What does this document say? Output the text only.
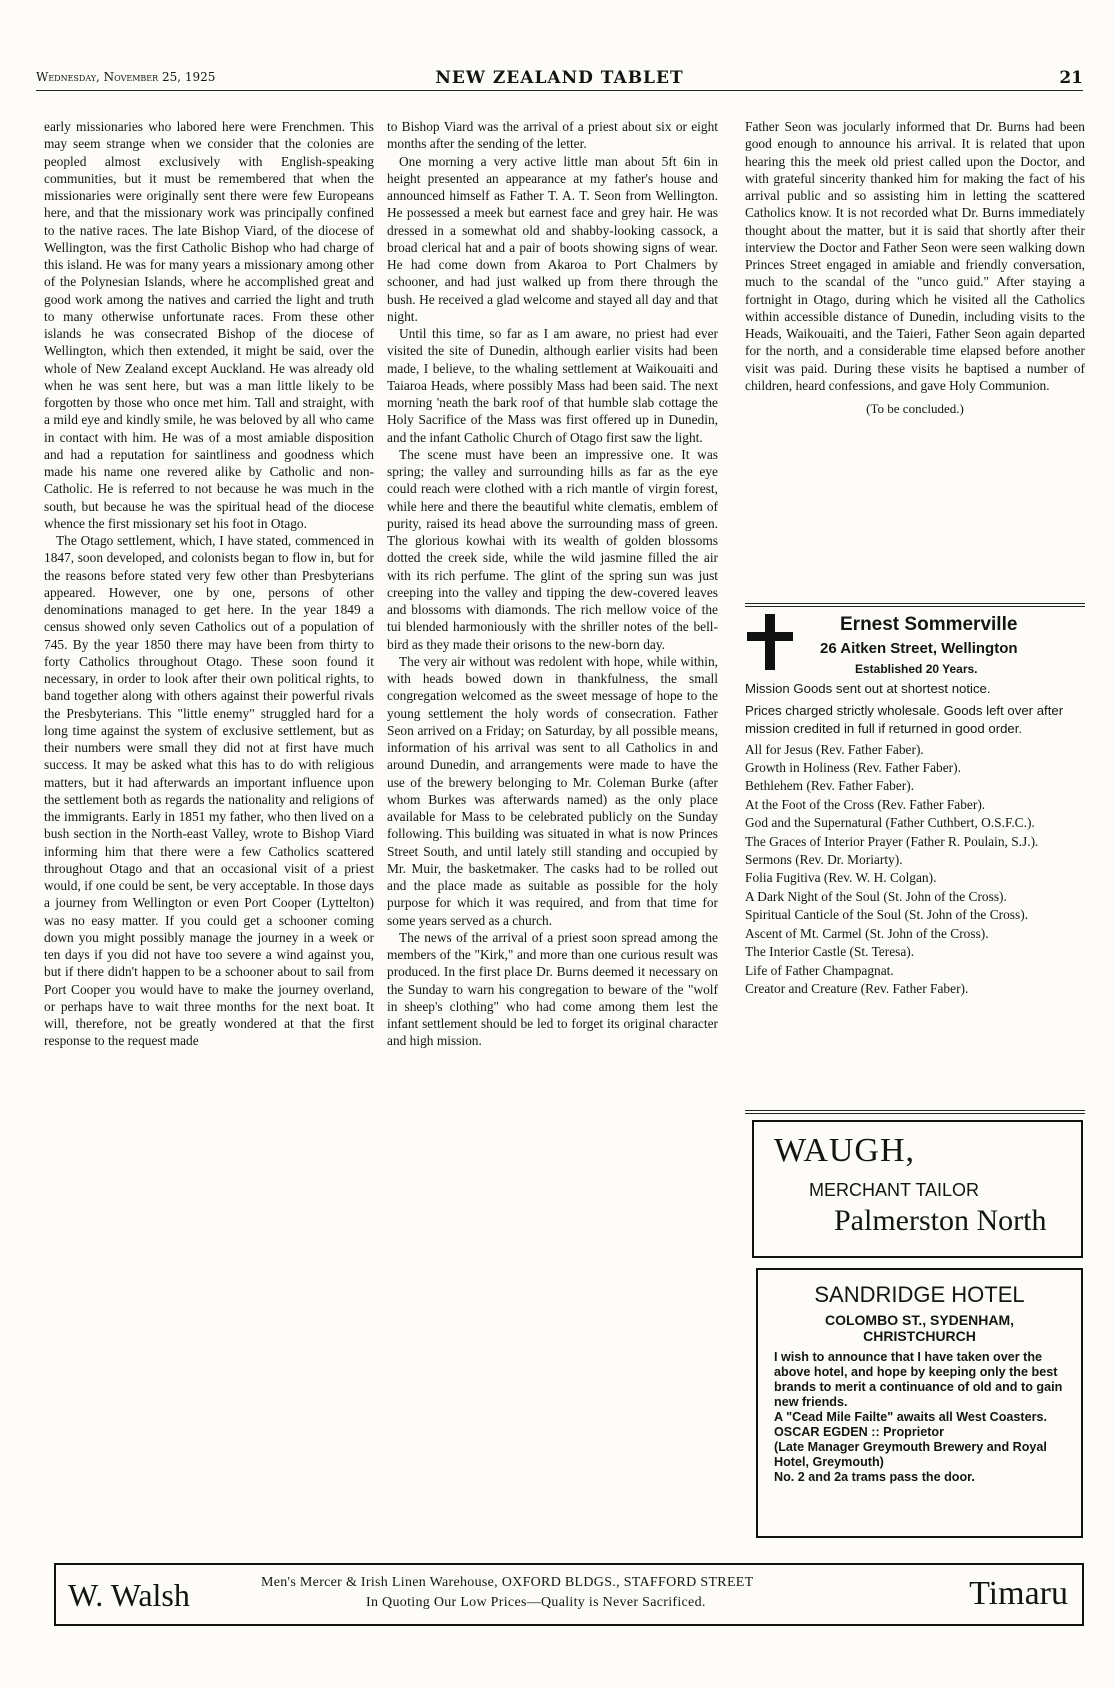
Wednesday, November 25, 1925	NEW ZEALAND TABLET	21

early missionaries who labored here were Frenchmen. This may seem strange when we consider that the colonies are peopled almost exclusively with English-speaking communities, but it must be remembered that when the missionaries were originally sent there were few Europeans here, and that the missionary work was principally confined to the native races. The late Bishop Viard, of the diocese of Wellington, was the first Catholic Bishop who had charge of this island. He was for many years a missionary among other of the Polynesian Islands, where he accomplished great and good work among the natives and carried the light and truth to many otherwise unfortunate races. From these other islands he was consecrated Bishop of the diocese of Wellington, which then extended, it might be said, over the whole of New Zealand except Auckland. He was already old when he was sent here, but was a man little likely to be forgotten by those who once met him. Tall and straight, with a mild eye and kindly smile, he was beloved by all who came in contact with him. He was of a most amiable disposition and had a reputation for saintliness and goodness which made his name one revered alike by Catholic and non-Catholic. He is referred to not because he was much in the south, but because he was the spiritual head of the diocese whence the first missionary set his foot in Otago.

The Otago settlement, which, I have stated, commenced in 1847, soon developed, and colonists began to flow in, but for the reasons before stated very few other than Presbyterians appeared. However, one by one, persons of other denominations managed to get here. In the year 1849 a census showed only seven Catholics out of a population of 745. By the year 1850 there may have been from thirty to forty Catholics throughout Otago. These soon found it necessary, in order to look after their own political rights, to band together along with others against their powerful rivals the Presbyterians. This "little enemy" struggled hard for a long time against the system of exclusive settlement, but as their numbers were small they did not at first have much success. It may be asked what this has to do with religious matters, but it had afterwards an important influence upon the settlement both as regards the nationality and religions of the immigrants. Early in 1851 my father, who then lived on a bush section in the North-east Valley, wrote to Bishop Viard informing him that there were a few Catholics scattered throughout Otago and that an occasional visit of a priest would, if one could be sent, be very acceptable. In those days a journey from Wellington or even Port Cooper (Lyttelton) was no easy matter. If you could get a schooner coming down you might possibly manage the journey in a week or ten days if you did not have too severe a wind against you, but if there didn't happen to be a schooner about to sail from Port Cooper you would have to make the journey overland, or perhaps have to wait three months for the next boat. It will, therefore, not be greatly wondered at that the first response to the request made

to Bishop Viard was the arrival of a priest about six or eight months after the sending of the letter.

One morning a very active little man about 5ft 6in in height presented an appearance at my father's house and announced himself as Father T. A. T. Seon from Wellington. He possessed a meek but earnest face and grey hair. He was dressed in a somewhat old and shabby-looking cassock, a broad clerical hat and a pair of boots showing signs of wear. He had come down from Akaroa to Port Chalmers by schooner, and had just walked up from there through the bush. He received a glad welcome and stayed all day and that night.

Until this time, so far as I am aware, no priest had ever visited the site of Dunedin, although earlier visits had been made, I believe, to the whaling settlement at Waikouaiti and Taiaroa Heads, where possibly Mass had been said. The next morning 'neath the bark roof of that humble slab cottage the Holy Sacrifice of the Mass was first offered up in Dunedin, and the infant Catholic Church of Otago first saw the light.

The scene must have been an impressive one. It was spring; the valley and surrounding hills as far as the eye could reach were clothed with a rich mantle of virgin forest, while here and there the beautiful white clematis, emblem of purity, raised its head above the surrounding mass of green. The glorious kowhai with its wealth of golden blossoms dotted the creek side, while the wild jasmine filled the air with its rich perfume. The glint of the spring sun was just creeping into the valley and tipping the dew-covered leaves and blossoms with diamonds. The rich mellow voice of the tui blended harmoniously with the shriller notes of the bell-bird as they made their orisons to the new-born day.

The very air without was redolent with hope, while within, with heads bowed down in thankfulness, the small congregation welcomed as the sweet message of hope to the young settlement the holy words of consecration. Father Seon arrived on a Friday; on Saturday, by all possible means, information of his arrival was sent to all Catholics in and around Dunedin, and arrangements were made to have the use of the brewery belonging to Mr. Coleman Burke (after whom Burkes was afterwards named) as the only place available for Mass to be celebrated publicly on the Sunday following. This building was situated in what is now Princes Street South, and until lately still standing and occupied by Mr. Muir, the basketmaker. The casks had to be rolled out and the place made as suitable as possible for the holy purpose for which it was required, and from that time for some years served as a church.

The news of the arrival of a priest soon spread among the members of the "Kirk," and more than one curious result was produced. In the first place Dr. Burns deemed it necessary on the Sunday to warn his congregation to beware of the "wolf in sheep's clothing" who had come among them lest the infant settlement should be led to forget its original character and high mission.

Father Seon was jocularly informed that Dr. Burns had been good enough to announce his arrival. It is related that upon hearing this the meek old priest called upon the Doctor, and with grateful sincerity thanked him for making the fact of his arrival public and so assisting him in letting the scattered Catholics know. It is not recorded what Dr. Burns immediately thought about the matter, but it is said that shortly after their interview the Doctor and Father Seon were seen walking down Princes Street engaged in amiable and friendly conversation, much to the scandal of the "unco guid." After staying a fortnight in Otago, during which he visited all the Catholics within accessible distance of Dunedin, including visits to the Heads, Waikouaiti, and the Taieri, Father Seon again departed for the north, and a considerable time elapsed before another visit was paid. During these visits he baptised a number of children, heard confessions, and gave Holy Communion.

(To be concluded.)
Ernest Sommerville
26 Aitken Street, Wellington
Established 20 Years.
Mission Goods sent out at shortest notice.
Prices charged strictly wholesale. Goods left over after mission credited in full if returned in good order.
All for Jesus (Rev. Father Faber).
Growth in Holiness (Rev. Father Faber).
Bethlehem (Rev. Father Faber).
At the Foot of the Cross (Rev. Father Faber).
God and the Supernatural (Father Cuthbert, O.S.F.C.).
The Graces of Interior Prayer (Father R. Poulain, S.J.).
Sermons (Rev. Dr. Moriarty).
Folia Fugitiva (Rev. W. H. Colgan).
A Dark Night of the Soul (St. John of the Cross).
Spiritual Canticle of the Soul (St. John of the Cross).
Ascent of Mt. Carmel (St. John of the Cross).
The Interior Castle (St. Teresa).
Life of Father Champagnat.
Creator and Creature (Rev. Father Faber).
WAUGH,
MERCHANT TAILOR
Palmerston North
SANDRIDGE HOTEL
COLOMBO ST., SYDENHAM,
CHRISTCHURCH
I wish to announce that I have taken over the above hotel, and hope by keeping only the best brands to merit a continuance of old and to gain new friends.
A "Cead Mile Failte" awaits all West Coasters.
OSCAR EGDEN :: Proprietor
(Late Manager Greymouth Brewery and Royal Hotel, Greymouth)
No. 2 and 2a trams pass the door.
W. Walsh	Men's Mercer & Irish Linen Warehouse, OXFORD BLDGS., STAFFORD STREET
In Quoting Our Low Prices—Quality is Never Sacrificed.	Timaru
